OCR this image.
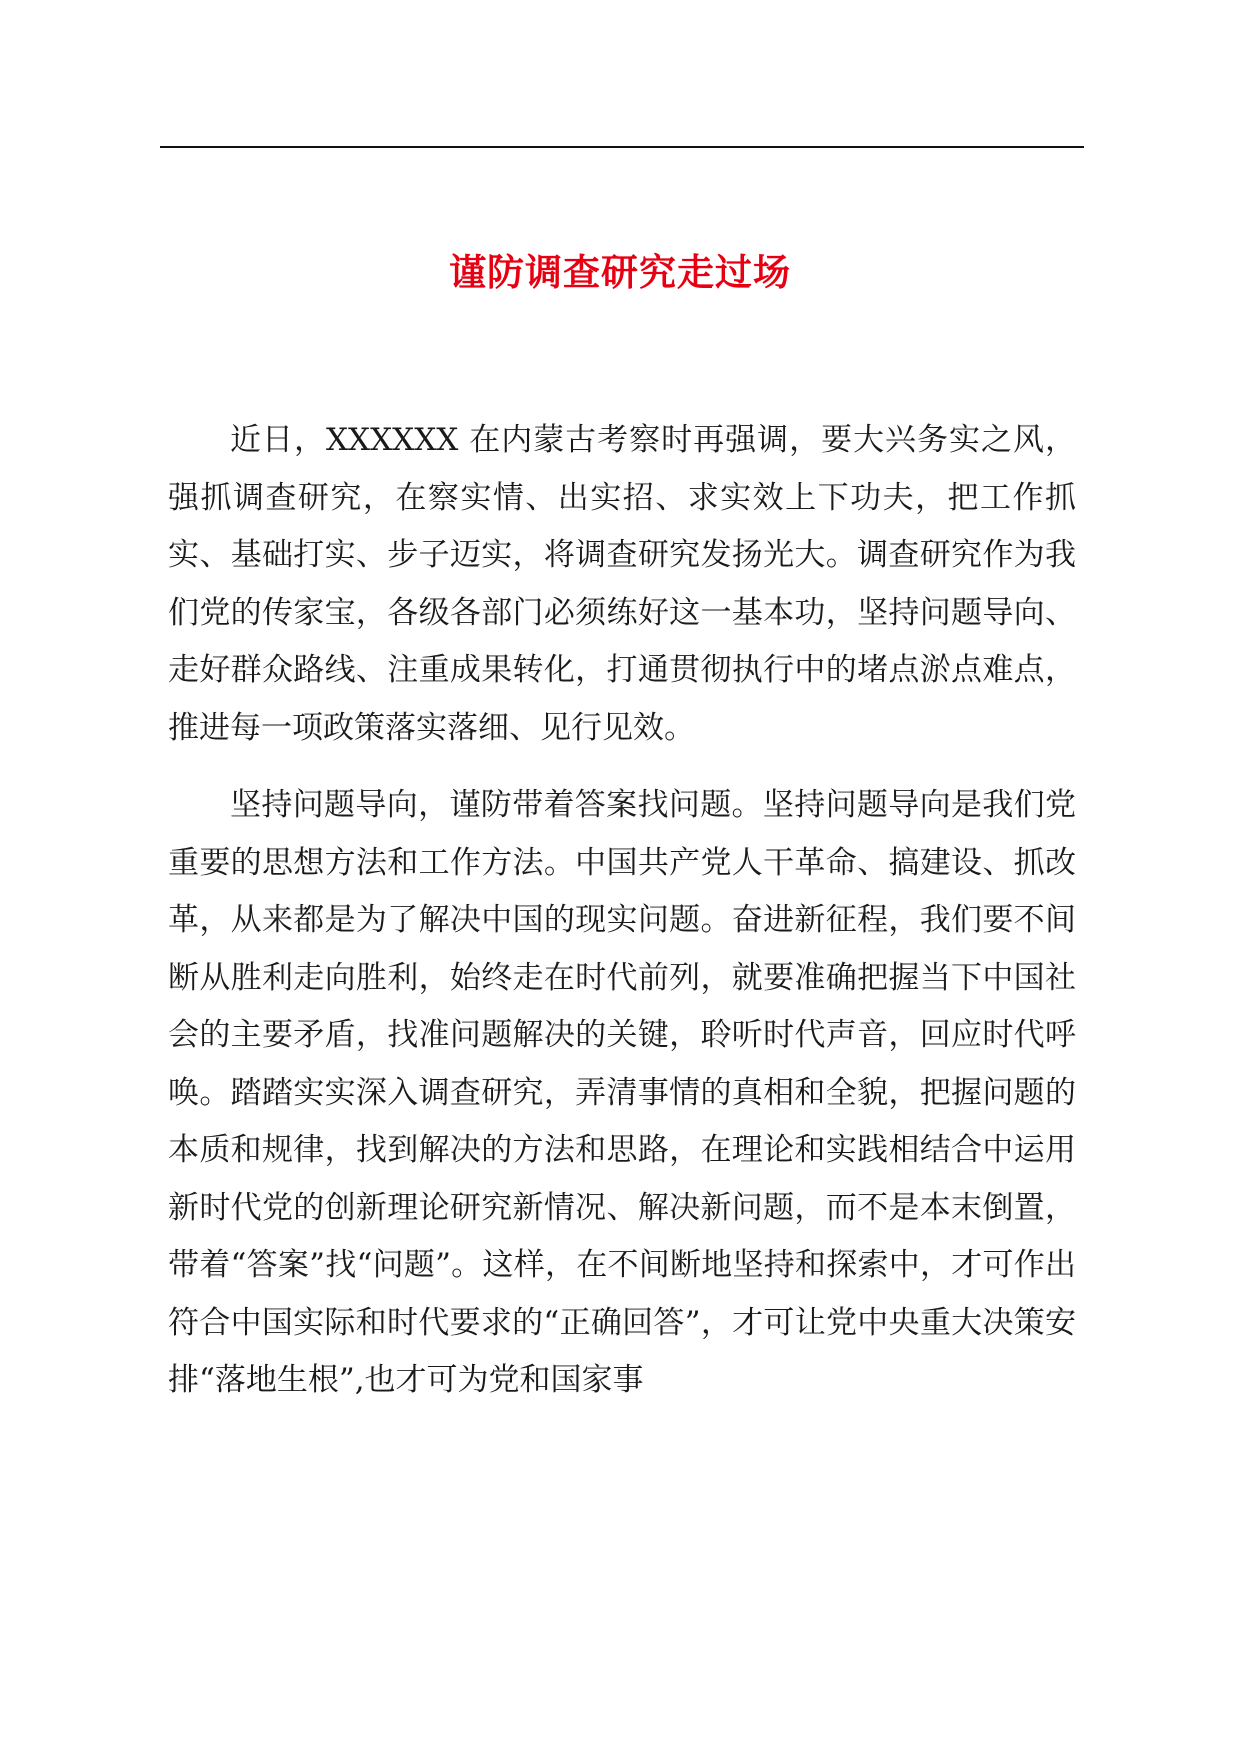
谨防调查研究走过场

近日，XXXXXX 在内蒙古考察时再强调，要大兴务实之风，强抓调查研究，在察实情、出实招、求实效上下功夫，把工作抓实、基础打实、步子迈实，将调查研究发扬光大。调查研究作为我们党的传家宝，各级各部门必须练好这一基本功，坚持问题导向、走好群众路线、注重成果转化，打通贯彻执行中的堵点淤点难点，推进每一项政策落实落细、见行见效。

坚持问题导向，谨防带着答案找问题。坚持问题导向是我们党重要的思想方法和工作方法。中国共产党人干革命、搞建设、抓改革，从来都是为了解决中国的现实问题。奋进新征程，我们要不间断从胜利走向胜利，始终走在时代前列，就要准确把握当下中国社会的主要矛盾，找准问题解决的关键，聆听时代声音，回应时代呼唤。踏踏实实深入调查研究，弄清事情的真相和全貌，把握问题的本质和规律，找到解决的方法和思路，在理论和实践相结合中运用新时代党的创新理论研究新情况、解决新问题，而不是本末倒置，带着“答案”找“问题”。这样，在不间断地坚持和探索中，才可作出符合中国实际和时代要求的“正确回答”，才可让党中央重大决策安排“落地生根”,也才可为党和国家事
